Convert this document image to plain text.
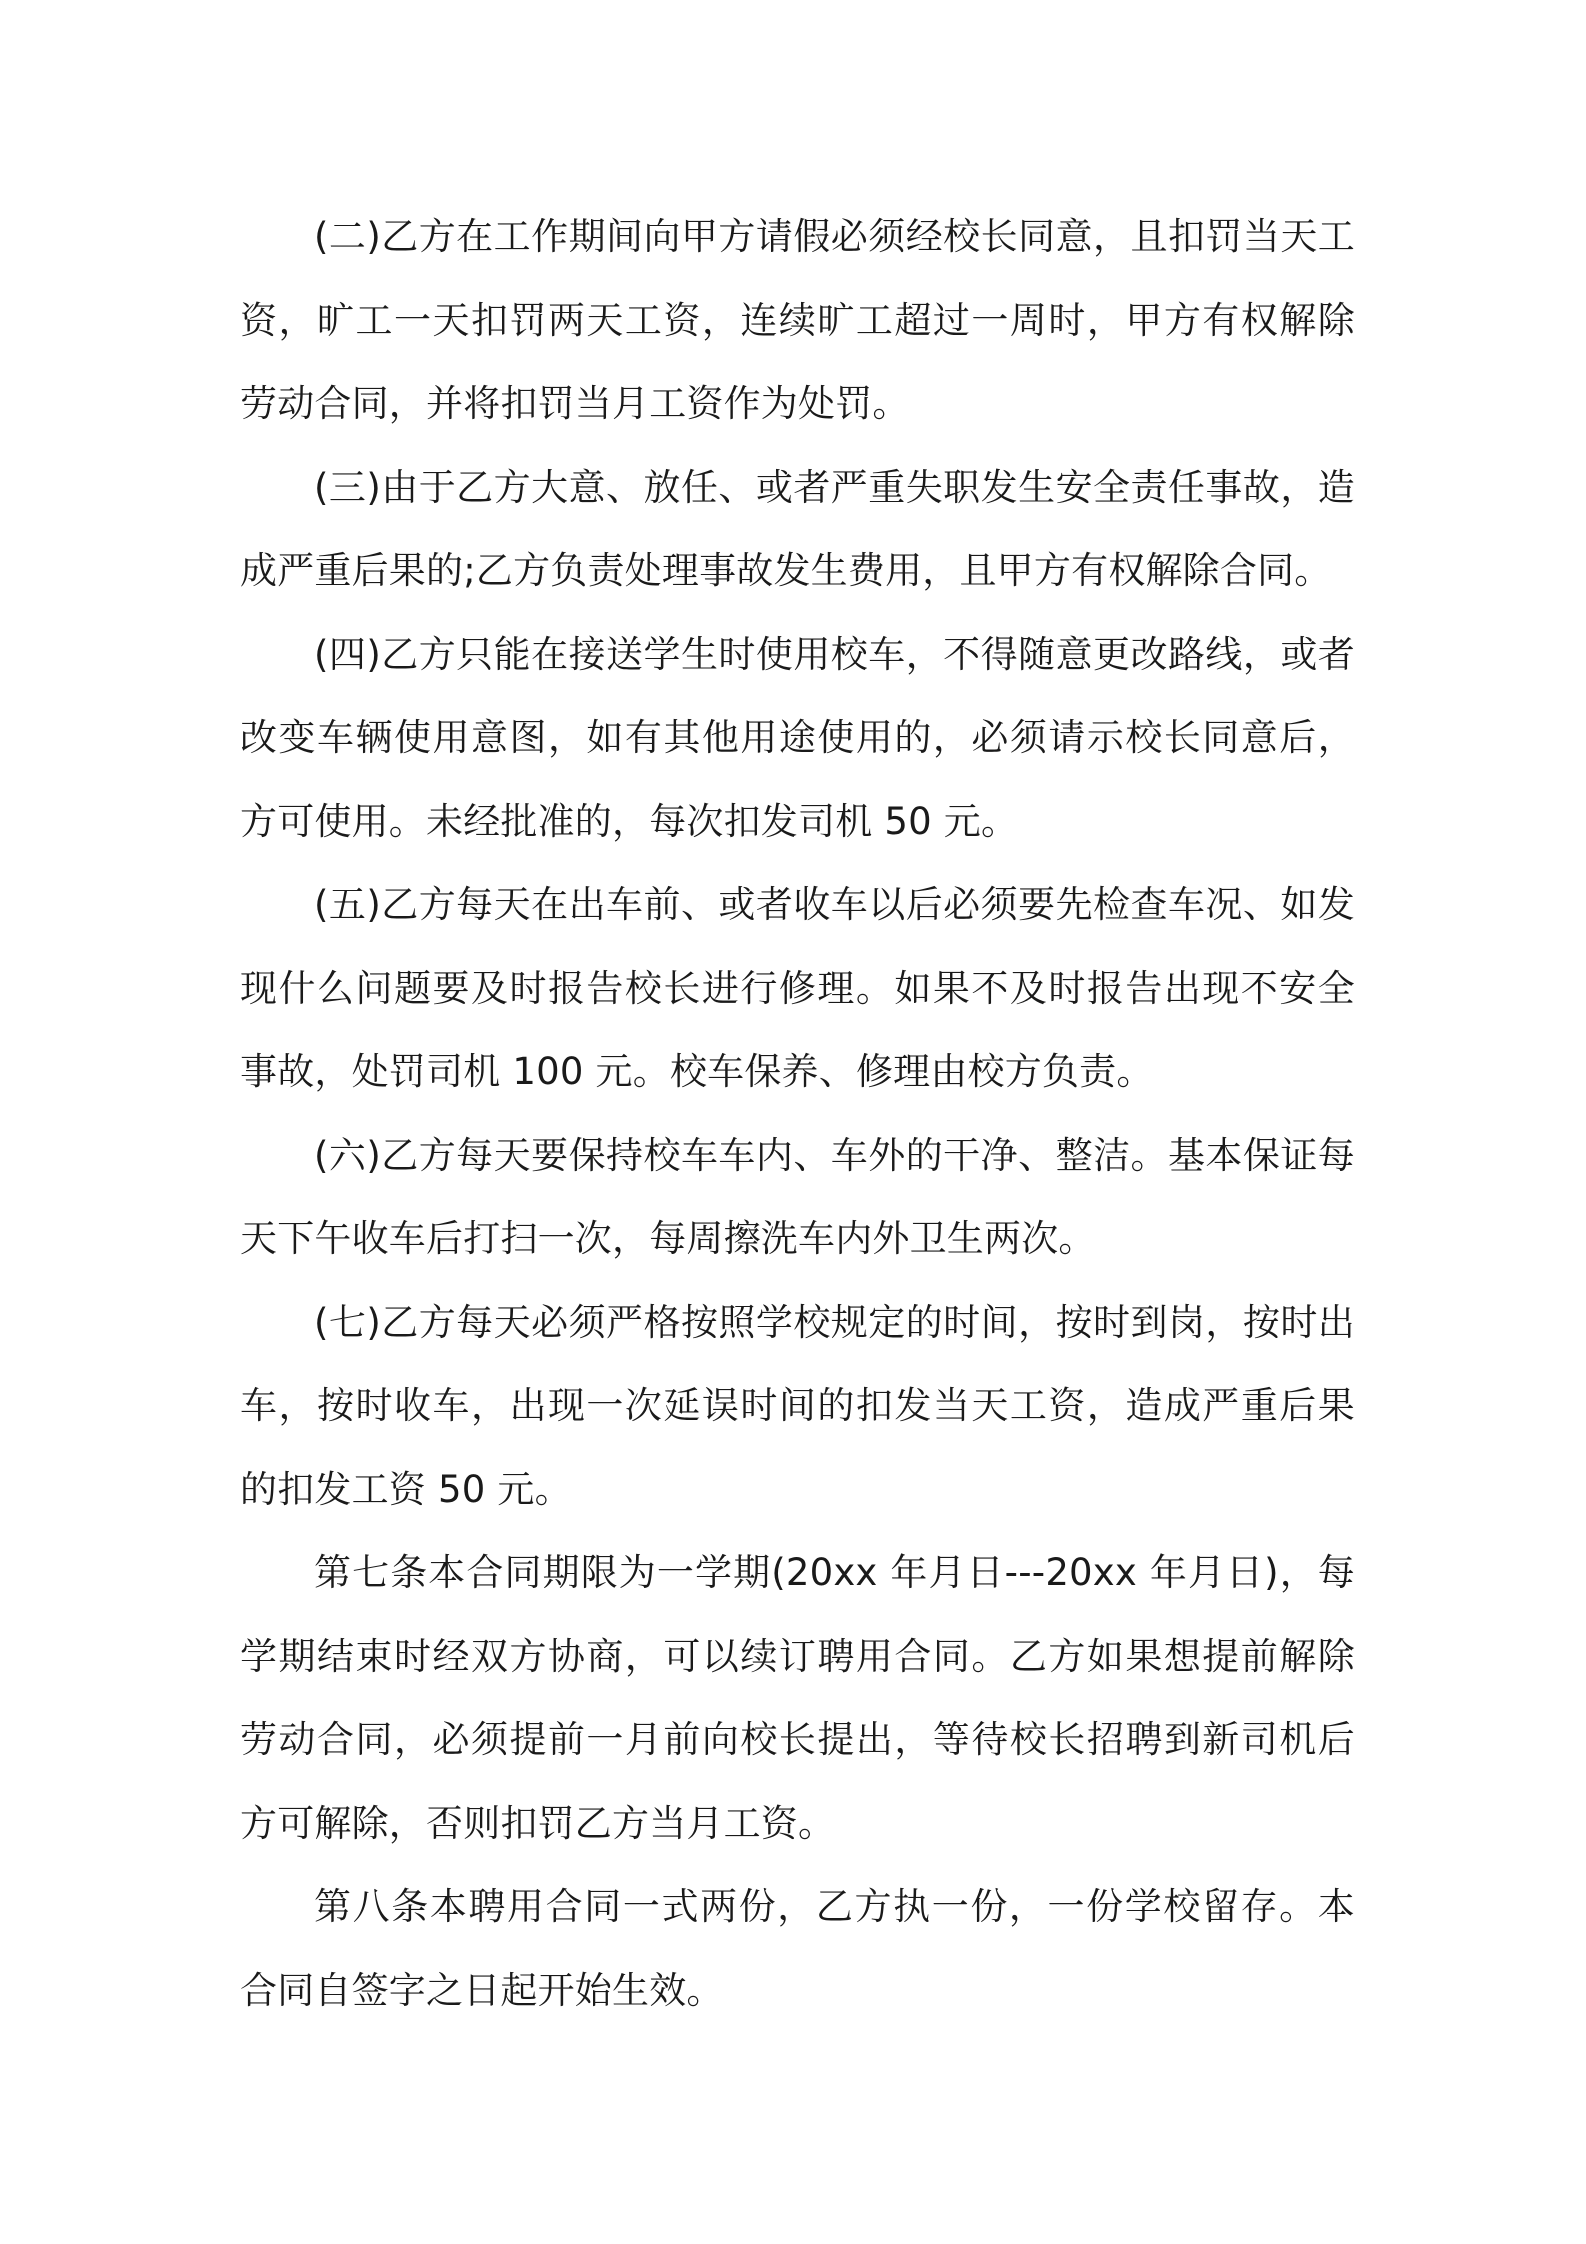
(二)乙方在工作期间向甲方请假必须经校长同意，且扣罚当天工资，旷工一天扣罚两天工资，连续旷工超过一周时，甲方有权解除劳动合同，并将扣罚当月工资作为处罚。

(三)由于乙方大意、放任、或者严重失职发生安全责任事故，造成严重后果的;乙方负责处理事故发生费用，且甲方有权解除合同。

(四)乙方只能在接送学生时使用校车，不得随意更改路线，或者改变车辆使用意图，如有其他用途使用的，必须请示校长同意后，方可使用。未经批准的，每次扣发司机 50 元。

(五)乙方每天在出车前、或者收车以后必须要先检查车况、如发现什么问题要及时报告校长进行修理。如果不及时报告出现不安全事故，处罚司机 100 元。校车保养、修理由校方负责。

(六)乙方每天要保持校车车内、车外的干净、整洁。基本保证每天下午收车后打扫一次，每周擦洗车内外卫生两次。

(七)乙方每天必须严格按照学校规定的时间，按时到岗，按时出车，按时收车，出现一次延误时间的扣发当天工资，造成严重后果的扣发工资 50 元。

第七条本合同期限为一学期(20xx 年月日---20xx 年月日)，每学期结束时经双方协商，可以续订聘用合同。乙方如果想提前解除劳动合同，必须提前一月前向校长提出，等待校长招聘到新司机后方可解除，否则扣罚乙方当月工资。

第八条本聘用合同一式两份，乙方执一份，一份学校留存。本合同自签字之日起开始生效。
